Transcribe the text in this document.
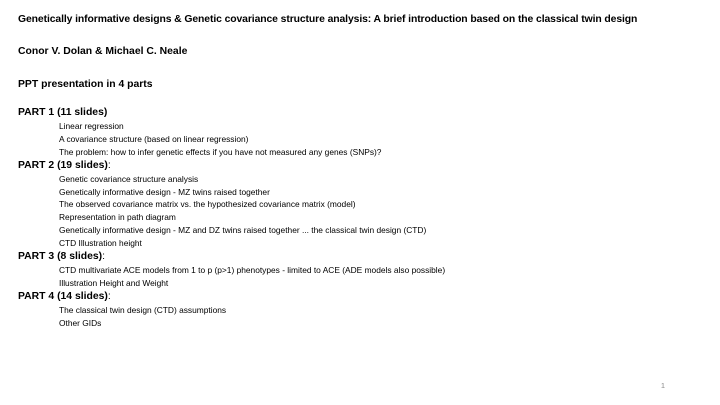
Genetically informative designs & Genetic covariance structure analysis: A brief introduction based on the classical twin design
Conor V. Dolan & Michael C. Neale
PPT presentation in 4 parts
PART 1 (11 slides)
Linear regression
A covariance structure (based on linear regression)
The problem: how to infer genetic effects if you have not measured any genes (SNPs)?
PART 2 (19 slides):
Genetic covariance structure analysis
Genetically informative design - MZ twins raised together
The observed covariance matrix vs. the hypothesized covariance matrix (model)
Representation in path diagram
Genetically informative design - MZ and DZ twins raised together ... the classical twin design (CTD)
CTD Illustration height
PART 3 (8 slides):
CTD multivariate ACE models from 1 to p (p>1) phenotypes - limited to ACE (ADE models also possible)
Illustration Height and Weight
PART 4 (14 slides):
The classical twin design (CTD) assumptions
Other GIDs
1
